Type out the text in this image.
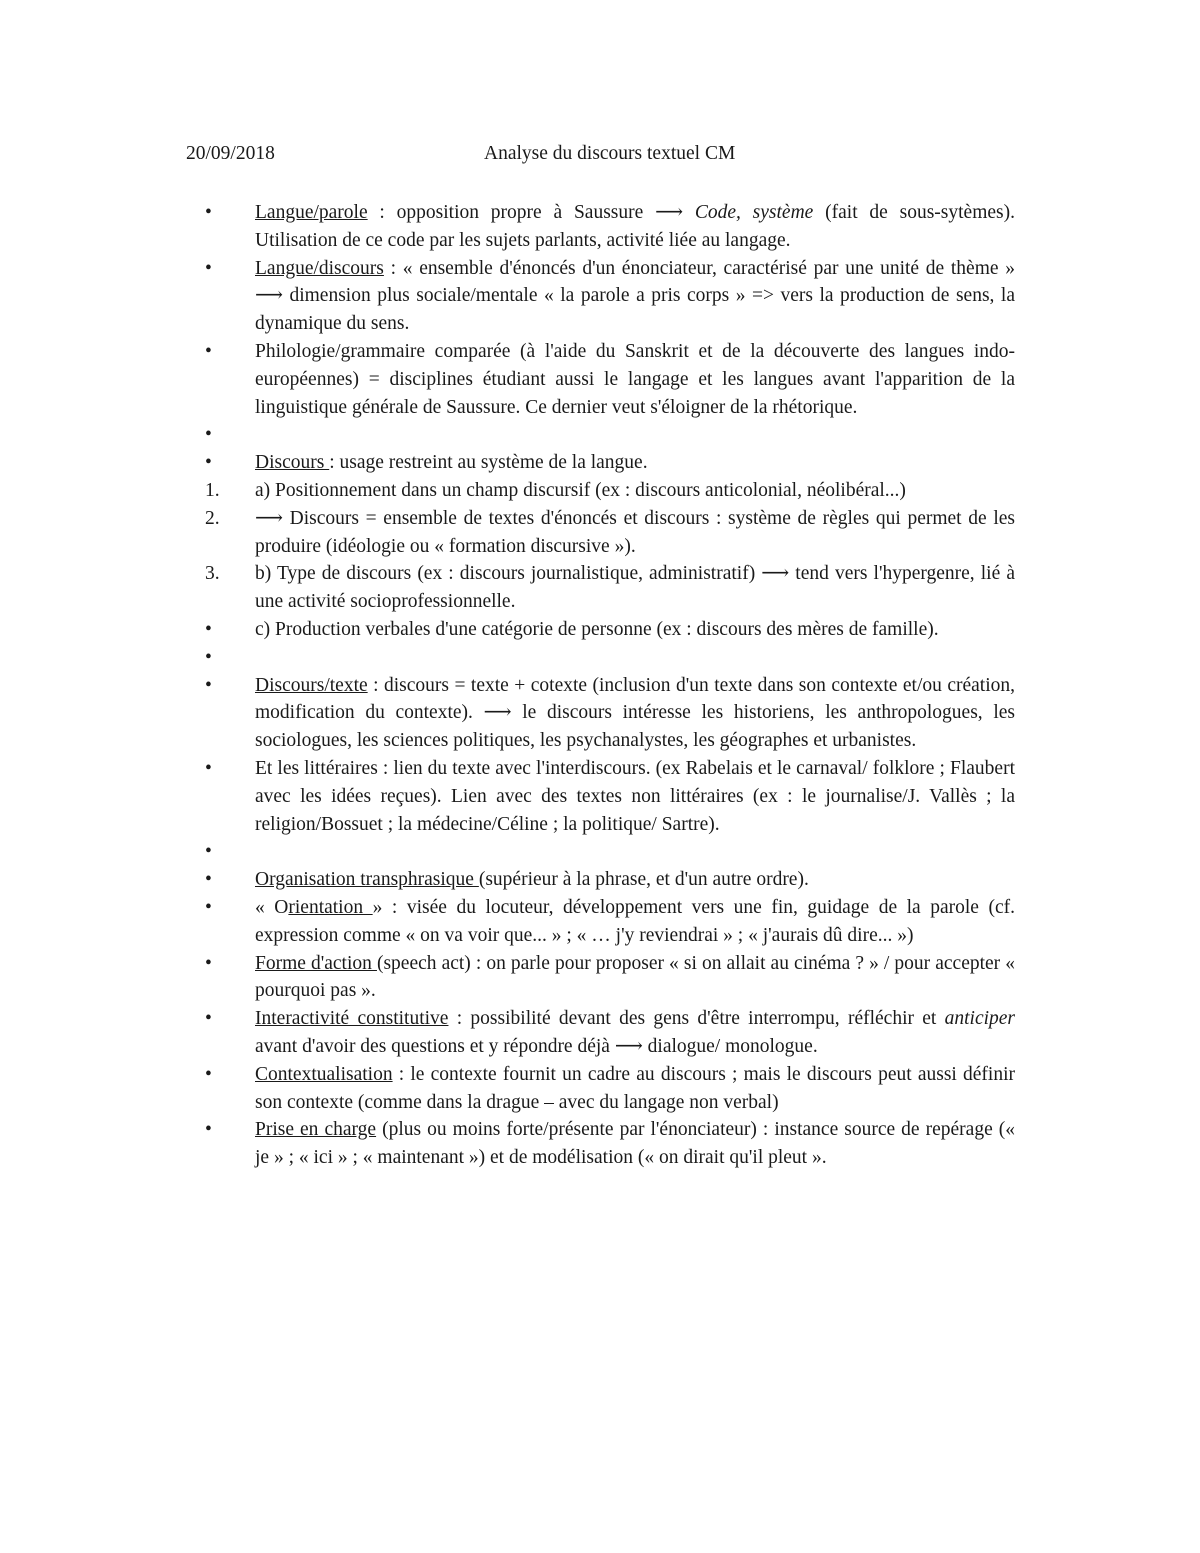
20/09/2018	Analyse du discours textuel CM
•	Langue/parole : opposition propre à Saussure ⟶ Code, système (fait de sous-sytèmes). Utilisation de ce code par les sujets parlants, activité liée au langage.
•	Langue/discours : « ensemble d'énoncés d'un énonciateur, caractérisé par une unité de thème » ⟶ dimension plus sociale/mentale « la parole a pris corps » => vers la production de sens, la dynamique du sens.
•	Philologie/grammaire comparée (à l'aide du Sanskrit et de la découverte des langues indo-européennes) = disciplines étudiant aussi le langage et les langues avant l'apparition de la linguistique générale de Saussure. Ce dernier veut s'éloigner de la rhétorique.
•
•	Discours : usage restreint au système de la langue.
1.	a) Positionnement dans un champ discursif (ex : discours anticolonial, néolibéral...)
2.	⟶ Discours = ensemble de textes d'énoncés et discours : système de règles qui permet de les produire (idéologie ou « formation discursive »).
3.	b) Type de discours (ex : discours journalistique, administratif) ⟶ tend vers l'hypergenre, lié à une activité socioprofessionnelle.
•	c) Production verbales d'une catégorie de personne (ex : discours des mères de famille).
•
•	Discours/texte : discours = texte + cotexte (inclusion d'un texte dans son contexte et/ou création, modification du contexte). ⟶ le discours intéresse les historiens, les anthropologues, les sociologues, les sciences politiques, les psychanalystes, les géographes et urbanistes.
•	Et les littéraires : lien du texte avec l'interdiscours. (ex Rabelais et le carnaval/ folklore ; Flaubert avec les idées reçues). Lien avec des textes non littéraires (ex : le journalise/J. Vallès ; la religion/Bossuet ; la médecine/Céline ; la politique/ Sartre).
•
•	Organisation transphrasique (supérieur à la phrase, et d'un autre ordre).
•	« Orientation » : visée du locuteur, développement vers une fin, guidage de la parole (cf. expression comme « on va voir que... » ; « … j'y reviendrai » ; « j'aurais dû dire... »)
•	Forme d'action (speech act) : on parle pour proposer « si on allait au cinéma ? » / pour accepter « pourquoi pas ».
•	Interactivité constitutive : possibilité devant des gens d'être interrompu, réfléchir et anticiper avant d'avoir des questions et y répondre déjà ⟶ dialogue/ monologue.
•	Contextualisation : le contexte fournit un cadre au discours ; mais le discours peut aussi définir son contexte (comme dans la drague – avec du langage non verbal)
•	Prise en charge (plus ou moins forte/présente par l'énonciateur) : instance source de repérage (« je » ; « ici » ; « maintenant ») et de modélisation (« on dirait qu'il pleut ».
